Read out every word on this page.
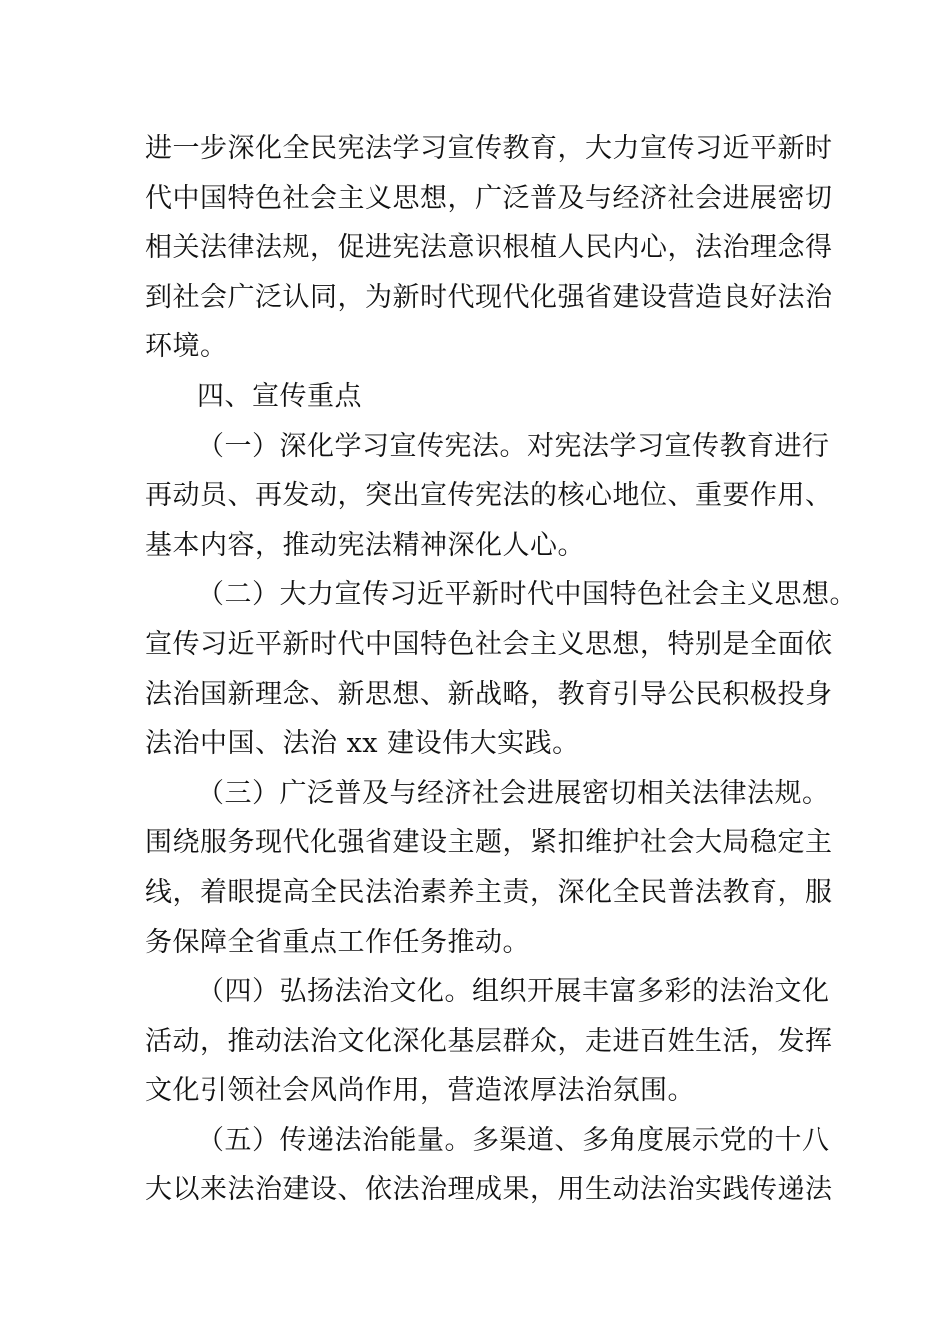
进一步深化全民宪法学习宣传教育，大力宣传习近平新时
代中国特色社会主义思想，广泛普及与经济社会进展密切
相关法律法规，促进宪法意识根植人民内心，法治理念得
到社会广泛认同，为新时代现代化强省建设营造良好法治
环境。
四、宣传重点
（一）深化学习宣传宪法。对宪法学习宣传教育进行
再动员、再发动，突出宣传宪法的核心地位、重要作用、
基本内容，推动宪法精神深化人心。
（二）大力宣传习近平新时代中国特色社会主义思想。
宣传习近平新时代中国特色社会主义思想，特别是全面依
法治国新理念、新思想、新战略，教育引导公民积极投身
法治中国、法治 xx 建设伟大实践。
（三）广泛普及与经济社会进展密切相关法律法规。
围绕服务现代化强省建设主题，紧扣维护社会大局稳定主
线，着眼提高全民法治素养主责，深化全民普法教育，服
务保障全省重点工作任务推动。
（四）弘扬法治文化。组织开展丰富多彩的法治文化
活动，推动法治文化深化基层群众，走进百姓生活，发挥
文化引领社会风尚作用，营造浓厚法治氛围。
（五）传递法治能量。多渠道、多角度展示党的十八
大以来法治建设、依法治理成果，用生动法治实践传递法
